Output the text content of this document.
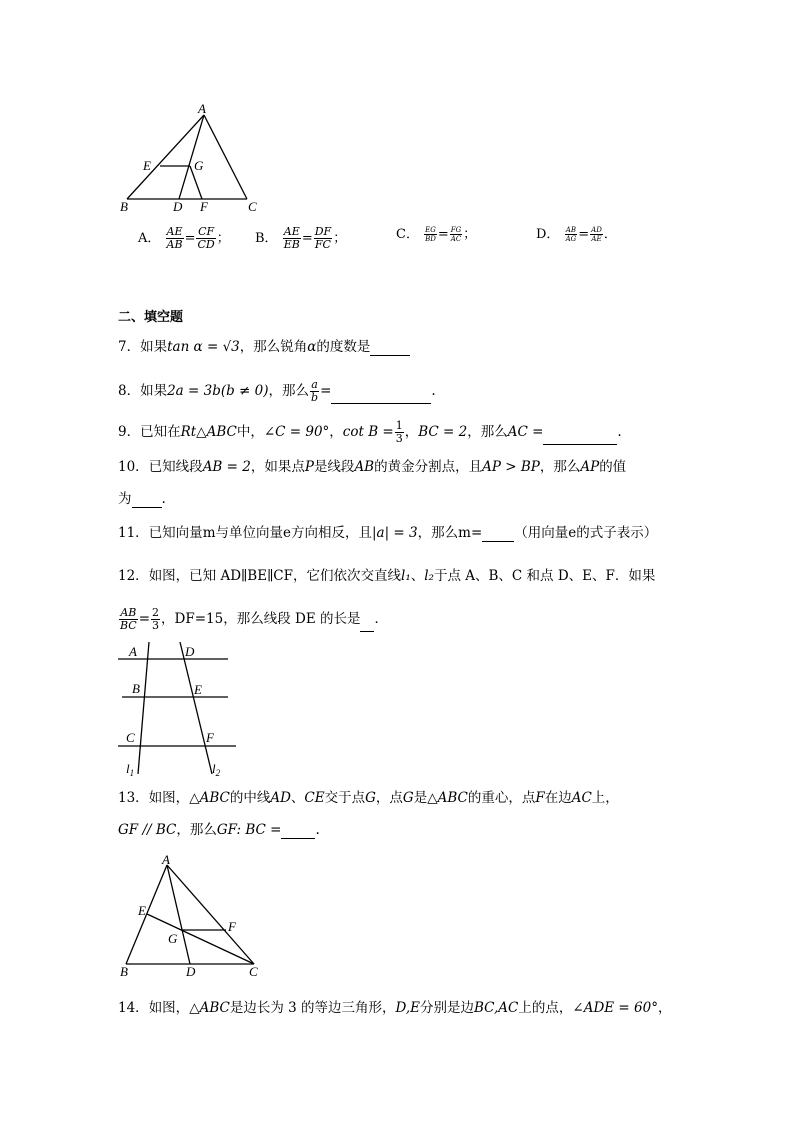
A
E	G
B	D F	C
A． $\frac{AE}{AB} = \frac{CF}{CD}$ ； B． $\frac{AE}{EB} = \frac{DF}{FC}$ ；	C． $\frac{EG}{BD} = \frac{FG}{AC}$ ；	D． $\frac{AB}{AG} = \frac{AD}{AE}$ ．
二、填空题
7．如果tan α = √3，那么锐角α的度数是
8．如果2a = 3b(b ≠ 0)，那么 $\frac{a}{b}$ =	.
9．已知在Rt△ABC中，∠C = 90°，$\cot B = \frac{1}{3}$ ，BC = 2，那么AC =	.
10．已知线段AB = 2，如果点P是线段AB的黄金分割点，且AP > BP，那么AP的值
为 .
11．已知向量m与单位向量e方向相反，且|a| = 3，那么m= （用向量e的式子表示）
12．如图，已知 AD∥BE∥CF，它们依次交直线l₁、l₂于点 A、B、C 和点 D、E、F．如果
$\frac{AB}{BC} = \frac{2}{3}$ ，DF=15，那么线段 DE 的长是 ．
A	D
B	E
C	F
$l_1$	$l_2$
13．如图，△ABC的中线AD、CE交于点G，点G是△ABC的重心，点F在边AC上，
GF // BC，那么GF: BC =	.
A
E
F
G
B	D	C
14．如图，△ABC是边长为 3 的等边三角形，D,E分别是边BC,AC上的点，∠ADE = 60°，
